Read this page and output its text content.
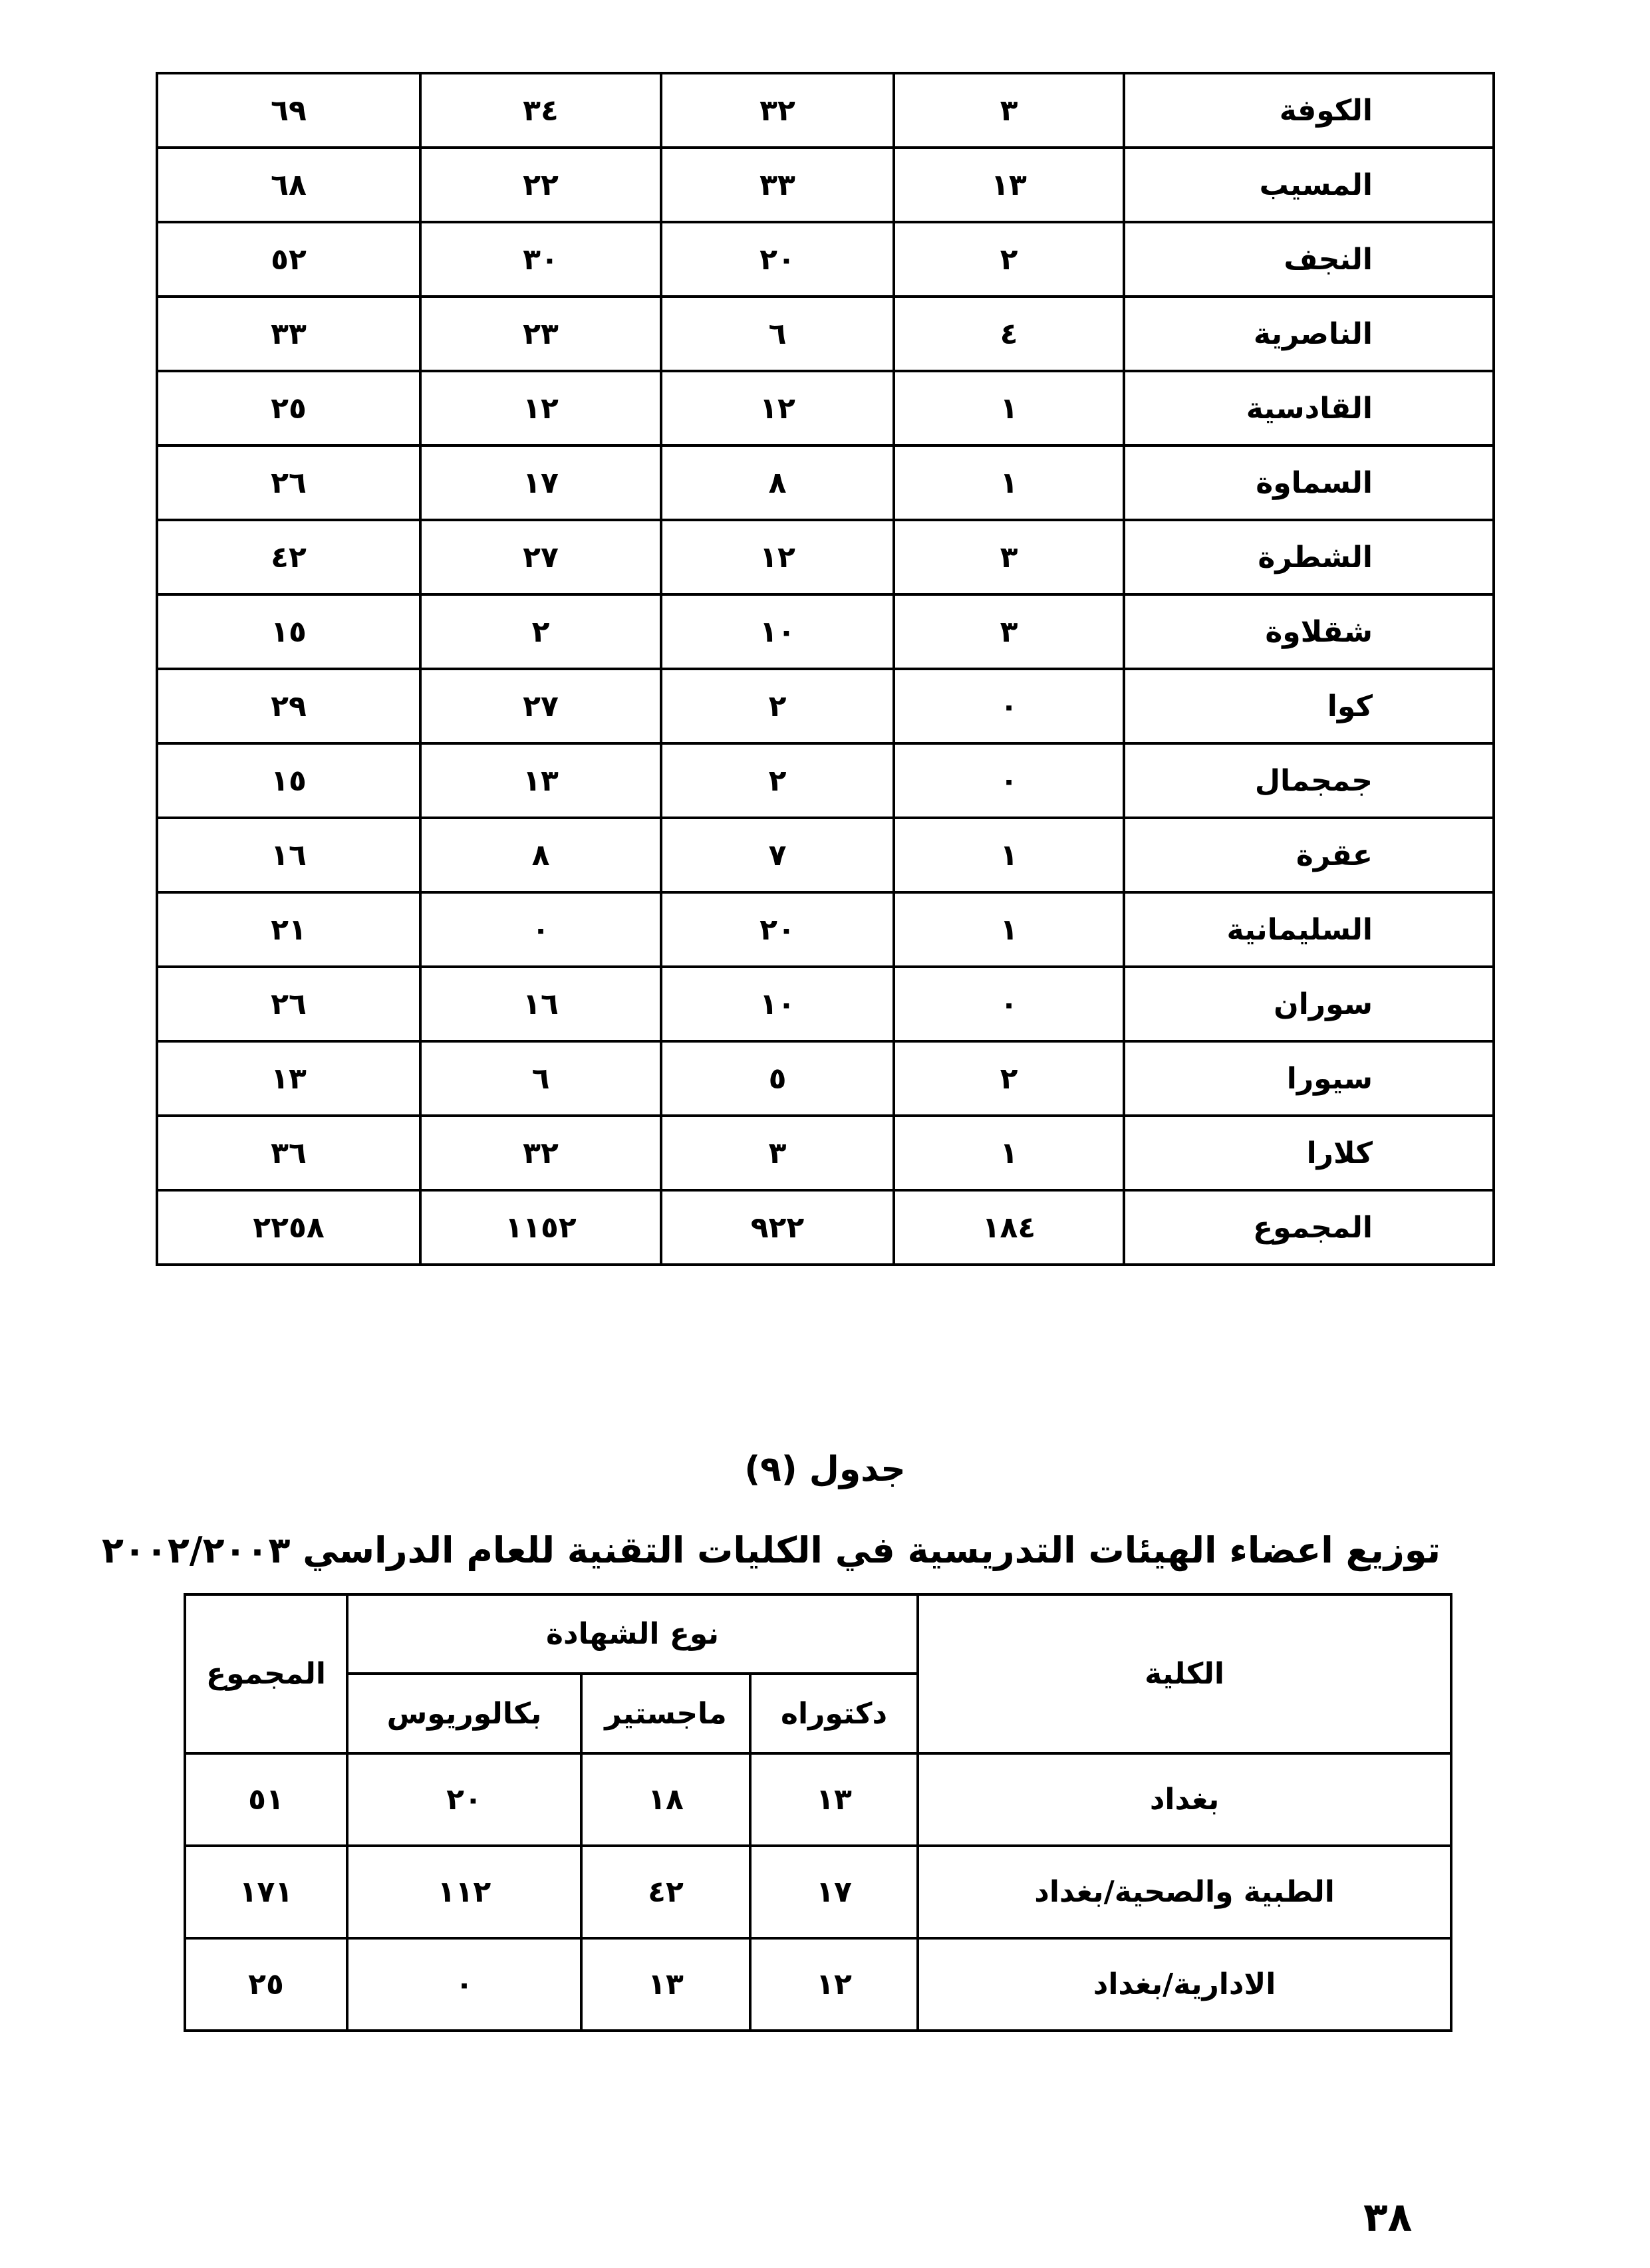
الكوفة	٣	٣٢	٣٤	٦٩
المسيب	١٣	٣٣	٢٢	٦٨
النجف	٢	٢٠	٣٠	٥٢
الناصرية	٤	٦	٢٣	٣٣
القادسية	١	١٢	١٢	٢٥
السماوة	١	٨	١٧	٢٦
الشطرة	٣	١٢	٢٧	٤٢
شقلاوة	٣	١٠	٢	١٥
كوا	٠	٢	٢٧	٢٩
جمجمال	٠	٢	١٣	١٥
عقرة	١	٧	٨	١٦
السليمانية	١	٢٠	٠	٢١
سوران	٠	١٠	١٦	٢٦
سيورا	٢	٥	٦	١٣
كلارا	١	٣	٣٢	٣٦
المجموع	١٨٤	٩٢٢	١١٥٢	٢٢٥٨
جدول (٩)
توزيع اعضاء الهيئات التدريسية في الكليات التقنية للعام الدراسي ٢٠٠٢/٢٠٠٣
الكلية	نوع الشهادة			المجموع
	دكتوراه	ماجستير	بكالوريوس	
بغداد	١٣	١٨	٢٠	٥١
الطبية والصحية/بغداد	١٧	٤٢	١١٢	١٧١
الادارية/بغداد	١٢	١٣	٠	٢٥
٣٨
